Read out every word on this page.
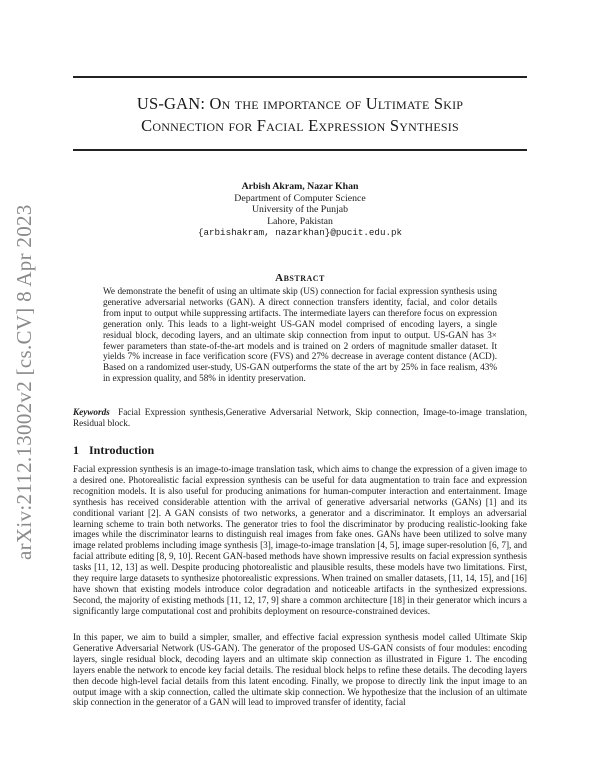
arXiv:2112.13002v2 [cs.CV] 8 Apr 2023
US-GAN: On the importance of Ultimate Skip
Connection for Facial Expression Synthesis
Arbish Akram, Nazar Khan
Department of Computer Science
University of the Punjab
Lahore, Pakistan
{arbishakram, nazarkhan}@pucit.edu.pk
Abstract
We demonstrate the benefit of using an ultimate skip (US) connection for facial expression synthesis using generative adversarial networks (GAN). A direct connection transfers identity, facial, and color details from input to output while suppressing artifacts. The intermediate layers can therefore focus on expression generation only. This leads to a light-weight US-GAN model comprised of encoding layers, a single residual block, decoding layers, and an ultimate skip connection from input to output. US-GAN has 3× fewer parameters than state-of-the-art models and is trained on 2 orders of magnitude smaller dataset. It yields 7% increase in face verification score (FVS) and 27% decrease in average content distance (ACD). Based on a randomized user-study, US-GAN outperforms the state of the art by 25% in face realism, 43% in expression quality, and 58% in identity preservation.
Keywords Facial Expression synthesis,Generative Adversarial Network, Skip connection, Image-to-image translation, Residual block.
1 Introduction
Facial expression synthesis is an image-to-image translation task, which aims to change the expression of a given image to a desired one. Photorealistic facial expression synthesis can be useful for data augmentation to train face and expression recognition models. It is also useful for producing animations for human-computer interaction and entertainment. Image synthesis has received considerable attention with the arrival of generative adversarial networks (GANs) [1] and its conditional variant [2]. A GAN consists of two networks, a generator and a discriminator. It employs an adversarial learning scheme to train both networks. The generator tries to fool the discriminator by producing realistic-looking fake images while the discriminator learns to distinguish real images from fake ones. GANs have been utilized to solve many image related problems including image synthesis [3], image-to-image translation [4, 5], image super-resolution [6, 7], and facial attribute editing [8, 9, 10]. Recent GAN-based methods have shown impressive results on facial expression synthesis tasks [11, 12, 13] as well. Despite producing photorealistic and plausible results, these models have two limitations. First, they require large datasets to synthesize photorealistic expressions. When trained on smaller datasets, [11, 14, 15], and [16] have shown that existing models introduce color degradation and noticeable artifacts in the synthesized expressions. Second, the majority of existing methods [11, 12, 17, 9] share a common architecture [18] in their generator which incurs a significantly large computational cost and prohibits deployment on resource-constrained devices.
In this paper, we aim to build a simpler, smaller, and effective facial expression synthesis model called Ultimate Skip Generative Adversarial Network (US-GAN). The generator of the proposed US-GAN consists of four modules: encoding layers, single residual block, decoding layers and an ultimate skip connection as illustrated in Figure 1. The encoding layers enable the network to encode key facial details. The residual block helps to refine these details. The decoding layers then decode high-level facial details from this latent encoding. Finally, we propose to directly link the input image to an output image with a skip connection, called the ultimate skip connection. We hypothesize that the inclusion of an ultimate skip connection in the generator of a GAN will lead to improved transfer of identity, facial
